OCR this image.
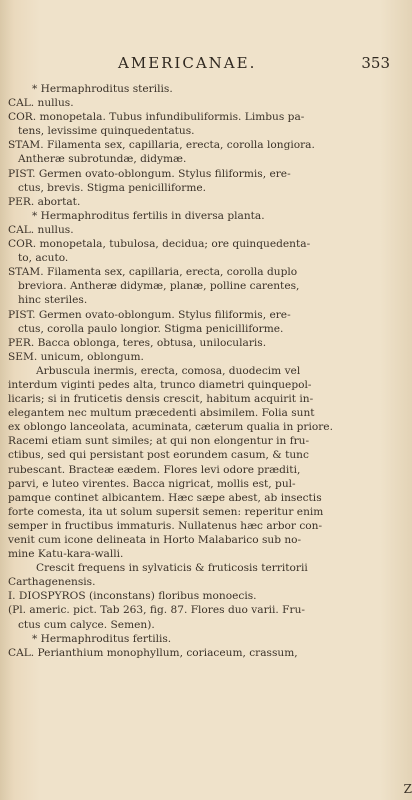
AMERICANAE.	353
* Hermaphroditus sterilis.
CAL. nullus.
COR. monopetala. Tubus infundibuliformis. Limbus pa-
tens, levissime quinquedentatus.
STAM. Filamenta sex, capillaria, erecta, corolla longiora.
Antheræ subrotundæ, didymæ.
PIST. Germen ovato-oblongum. Stylus filiformis, ere-
ctus, brevis. Stigma penicilliforme.
PER. abortat.
* Hermaphroditus fertilis in diversa planta.
CAL. nullus.
COR. monopetala, tubulosa, decidua; ore quinquedenta-
to, acuto.
STAM. Filamenta sex, capillaria, erecta, corolla duplo
breviora. Antheræ didymæ, planæ, polline carentes,
hinc steriles.
PIST. Germen ovato-oblongum. Stylus filiformis, ere-
ctus, corolla paulo longior. Stigma penicilliforme.
PER. Bacca oblonga, teres, obtusa, unilocularis.
SEM. unicum, oblongum.
Arbuscula inermis, erecta, comosa, duodecim vel
interdum viginti pedes alta, trunco diametri quinquepol-
licaris; si in fruticetis densis crescit, habitum acquirit in-
elegantem nec multum præcedenti absimilem. Folia sunt
ex oblongo lanceolata, acuminata, cæterum qualia in priore.
Racemi etiam sunt similes; at qui non elongentur in fru-
ctibus, sed qui persistant post eorundem casum, & tunc
rubescant. Bracteæ eædem. Flores levi odore præditi,
parvi, e luteo virentes. Bacca nigricat, mollis est, pul-
pamque continet albicantem. Hæc sæpe abest, ab insectis
forte comesta, ita ut solum supersit semen: reperitur enim
semper in fructibus immaturis. Nullatenus hæc arbor con-
venit cum icone delineata in Horto Malabarico sub no-
mine Katu-kara-walli.
Crescit frequens in sylvaticis & fruticosis territorii
Carthagenensis.
I. DIOSPYROS (inconstans) floribus monoecis.
(Pl. americ. pict. Tab 263, fig. 87. Flores duo varii. Fru-
ctus cum calyce. Semen).
* Hermaphroditus fertilis.
CAL. Perianthium monophyllum, coriaceum, crassum,
Z
